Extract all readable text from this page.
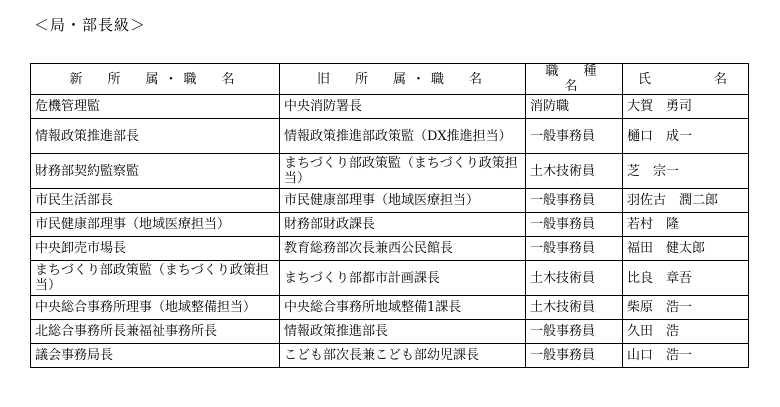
＜局・部長級＞
新　所　属・職　名	旧　所　属・職　名	職　種　名	氏　　　名
危機管理監	中央消防署長	消防職	大賀　勇司
情報政策推進部長	情報政策推進部政策監（DX推進担当）	一般事務員	樋口　成一
財務部契約監察監	まちづくり部政策監（まちづくり政策担当）	土木技術員	芝　宗一
市民生活部長	市民健康部理事（地域医療担当）	一般事務員	羽佐古　潤二郎
市民健康部理事（地域医療担当）	財務部財政課長	一般事務員	若村　隆
中央卸売市場長	教育総務部次長兼西公民館長	一般事務員	福田　健太郎
まちづくり部政策監（まちづくり政策担当）	まちづくり部都市計画課長	土木技術員	比良　章吾
中央総合事務所理事（地域整備担当）	中央総合事務所地域整備1課長	土木技術員	柴原　浩一
北総合事務所長兼福祉事務所長	情報政策推進部長	一般事務員	久田　浩
議会事務局長	こども部次長兼こども部幼児課長	一般事務員	山口　浩一
